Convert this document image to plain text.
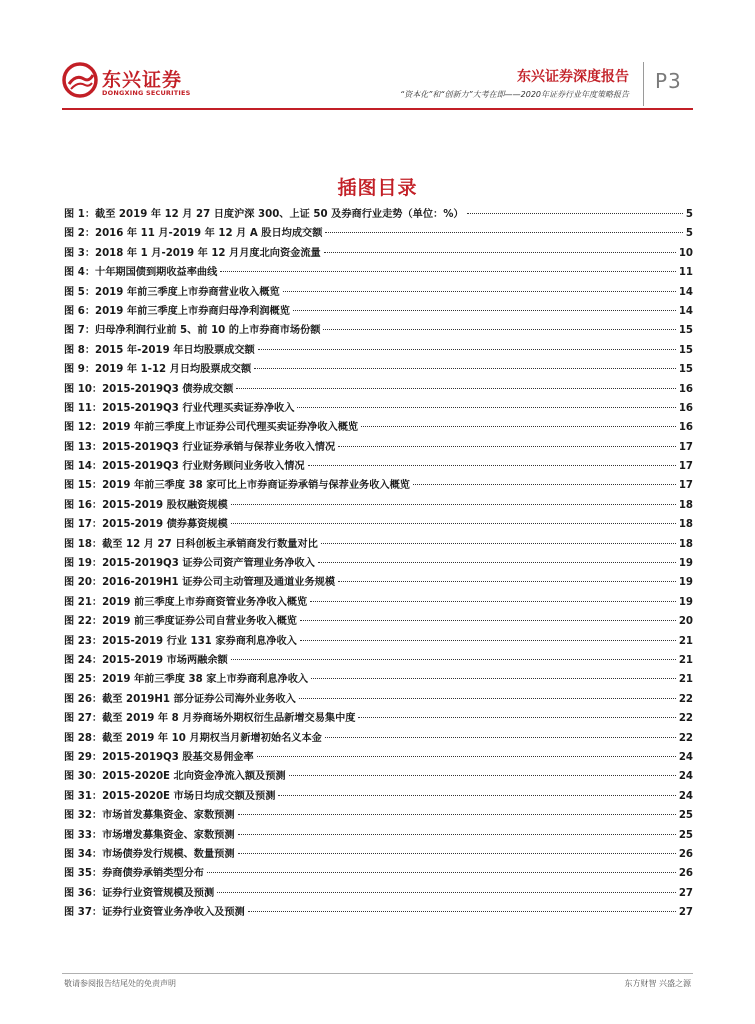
东兴证券
DONGXING SECURITIES
东兴证券深度报告
“资本化”和“创新力”大考在即——2020年证券行业年度策略报告
P3
插图目录
图 1：截至 2019 年 12 月 27 日度沪深 300、上证 50 及券商行业走势（单位：%）	5
图 2：2016 年 11 月-2019 年 12 月 A 股日均成交额	5
图 3：2018 年 1 月-2019 年 12 月月度北向资金流量	10
图 4：十年期国债到期收益率曲线	11
图 5：2019 年前三季度上市券商营业收入概览	14
图 6：2019 年前三季度上市券商归母净利润概览	14
图 7：归母净利润行业前 5、前 10 的上市券商市场份额	15
图 8：2015 年-2019 年日均股票成交额	15
图 9：2019 年 1-12 月日均股票成交额	15
图 10：2015-2019Q3 债券成交额	16
图 11：2015-2019Q3 行业代理买卖证券净收入	16
图 12：2019 年前三季度上市证券公司代理买卖证券净收入概览	16
图 13：2015-2019Q3 行业证券承销与保荐业务收入情况	17
图 14：2015-2019Q3 行业财务顾问业务收入情况	17
图 15：2019 年前三季度 38 家可比上市券商证券承销与保荐业务收入概览	17
图 16：2015-2019 股权融资规模	18
图 17：2015-2019 债券募资规模	18
图 18：截至 12 月 27 日科创板主承销商发行数量对比	18
图 19：2015-2019Q3 证券公司资产管理业务净收入	19
图 20：2016-2019H1 证券公司主动管理及通道业务规模	19
图 21：2019 前三季度上市券商资管业务净收入概览	19
图 22：2019 前三季度证券公司自营业务收入概览	20
图 23：2015-2019 行业 131 家券商利息净收入	21
图 24：2015-2019 市场两融余额	21
图 25：2019 年前三季度 38 家上市券商利息净收入	21
图 26：截至 2019H1 部分证券公司海外业务收入	22
图 27：截至 2019 年 8 月券商场外期权衍生品新增交易集中度	22
图 28：截至 2019 年 10 月期权当月新增初始名义本金	22
图 29：2015-2019Q3 股基交易佣金率	24
图 30：2015-2020E 北向资金净流入额及预测	24
图 31：2015-2020E 市场日均成交额及预测	24
图 32：市场首发募集资金、家数预测	25
图 33：市场增发募集资金、家数预测	25
图 34：市场债券发行规模、数量预测	26
图 35：券商债券承销类型分布	26
图 36：证券行业资管规模及预测	27
图 37：证券行业资管业务净收入及预测	27
敬请参阅报告结尾处的免责声明	东方财智 兴盛之源
